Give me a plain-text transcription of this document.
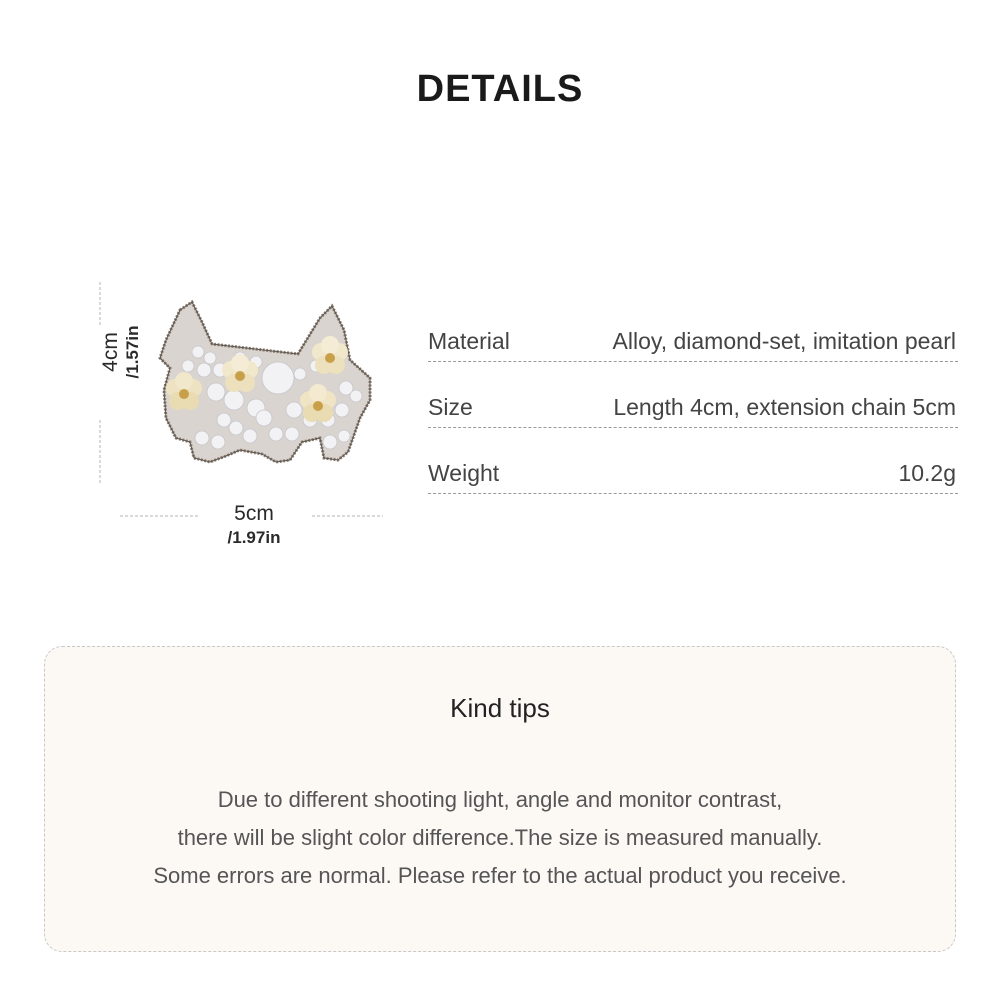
DETAILS
4cm /1.57in
5cm
/1.97in
Material	Alloy, diamond-set, imitation pearl
Size	Length 4cm, extension chain 5cm
Weight	10.2g
Kind tips
Due to different shooting light, angle and monitor contrast,
there will be slight color difference.The size is measured manually.
Some errors are normal. Please refer to the actual product you receive.
